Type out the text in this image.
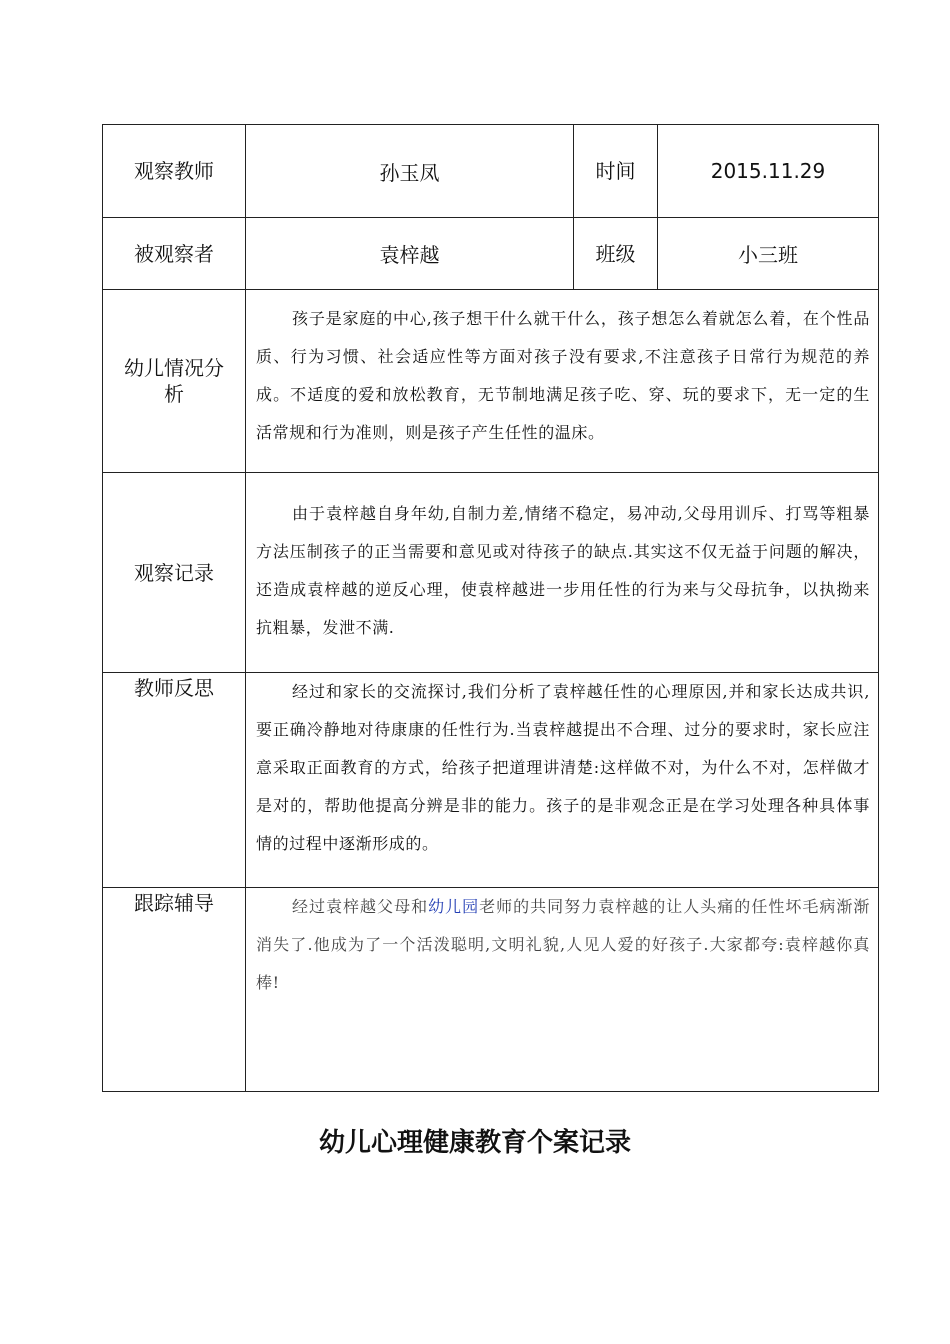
观察教师	孙玉凤	时间	2015.11.29
被观察者	袁梓越	班级	小三班

幼儿情况分析	孩子是家庭的中心,孩子想干什么就干什么，孩子想怎么着就怎么着，在个性品质、行为习惯、社会适应性等方面对孩子没有要求,不注意孩子日常行为规范的养成。不适度的爱和放松教育，无节制地满足孩子吃、穿、玩的要求下，无一定的生活常规和行为准则，则是孩子产生任性的温床。		

观察记录	由于袁梓越自身年幼,自制力差,情绪不稳定，易冲动,父母用训斥、打骂等粗暴方法压制孩子的正当需要和意见或对待孩子的缺点.其实这不仅无益于问题的解决，还造成袁梓越的逆反心理，使袁梓越进一步用任性的行为来与父母抗争，以执拗来抗粗暴，发泄不满.		

教师反思	经过和家长的交流探讨,我们分析了袁梓越任性的心理原因,并和家长达成共识,要正确冷静地对待康康的任性行为.当袁梓越提出不合理、过分的要求时，家长应注意采取正面教育的方式，给孩子把道理讲清楚:这样做不对，为什么不对，怎样做才是对的，帮助他提高分辨是非的能力。孩子的是非观念正是在学习处理各种具体事情的过程中逐渐形成的。		

跟踪辅导	经过袁梓越父母和幼儿园老师的共同努力袁梓越的让人头痛的任性坏毛病渐渐消失了.他成为了一个活泼聪明,文明礼貌,人见人爱的好孩子.大家都夸:袁梓越你真棒!		

幼儿心理健康教育个案记录
